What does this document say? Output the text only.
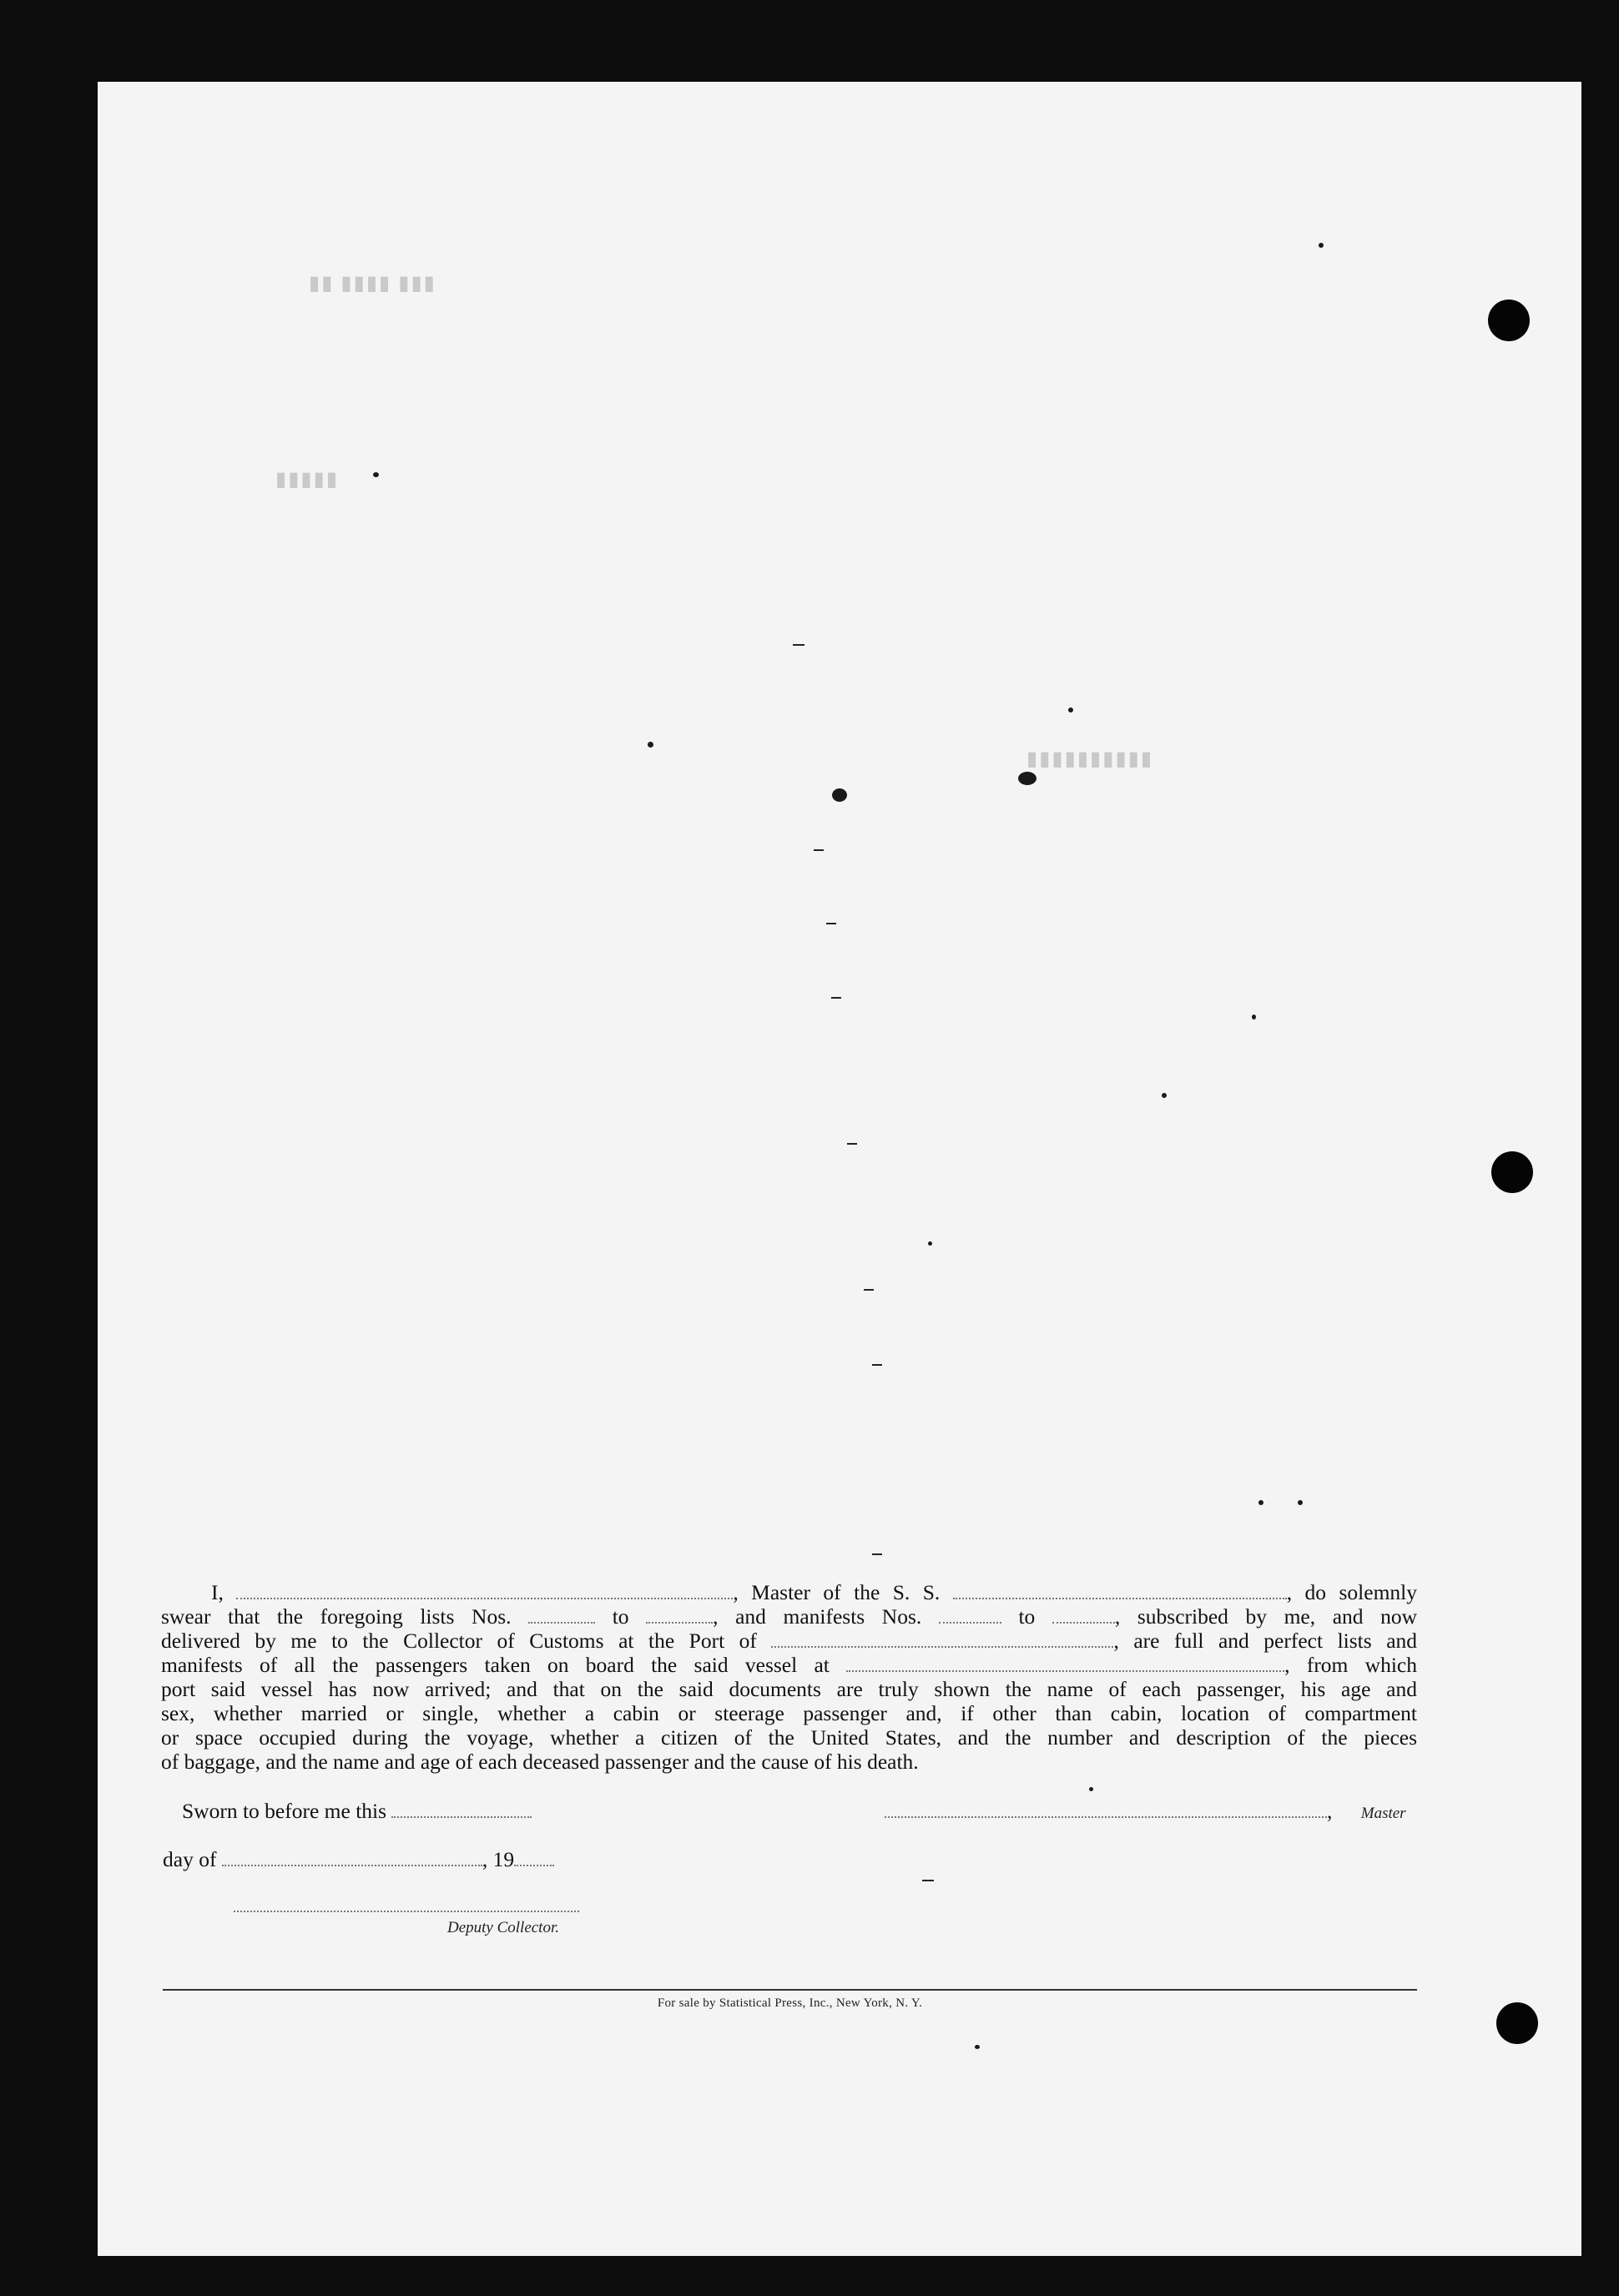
▮▮ ▮▮▮▮ ▮▮▮
▮▮▮▮▮
▮▮▮▮▮▮▮▮▮▮
I,	, Master of the S. S.	, do solemnly
swear that the foregoing lists Nos.	to	, and manifests Nos.	to	, subscribed by me, and now
delivered by me to the Collector of Customs at the Port of	, are full and perfect lists and
manifests of all the passengers taken on board the said vessel at	, from which
port said vessel has now arrived; and that on the said documents are truly shown the name of each passenger, his age and
sex, whether married or single, whether a cabin or steerage passenger and, if other than cabin, location of compartment
or space occupied during the voyage, whether a citizen of the United States, and the number and description of the pieces
of baggage, and the name and age of each deceased passenger and the cause of his death.
Sworn to before me this	, Master
day of	, 19
Deputy Collector.
For sale by Statistical Press, Inc., New York, N. Y.
